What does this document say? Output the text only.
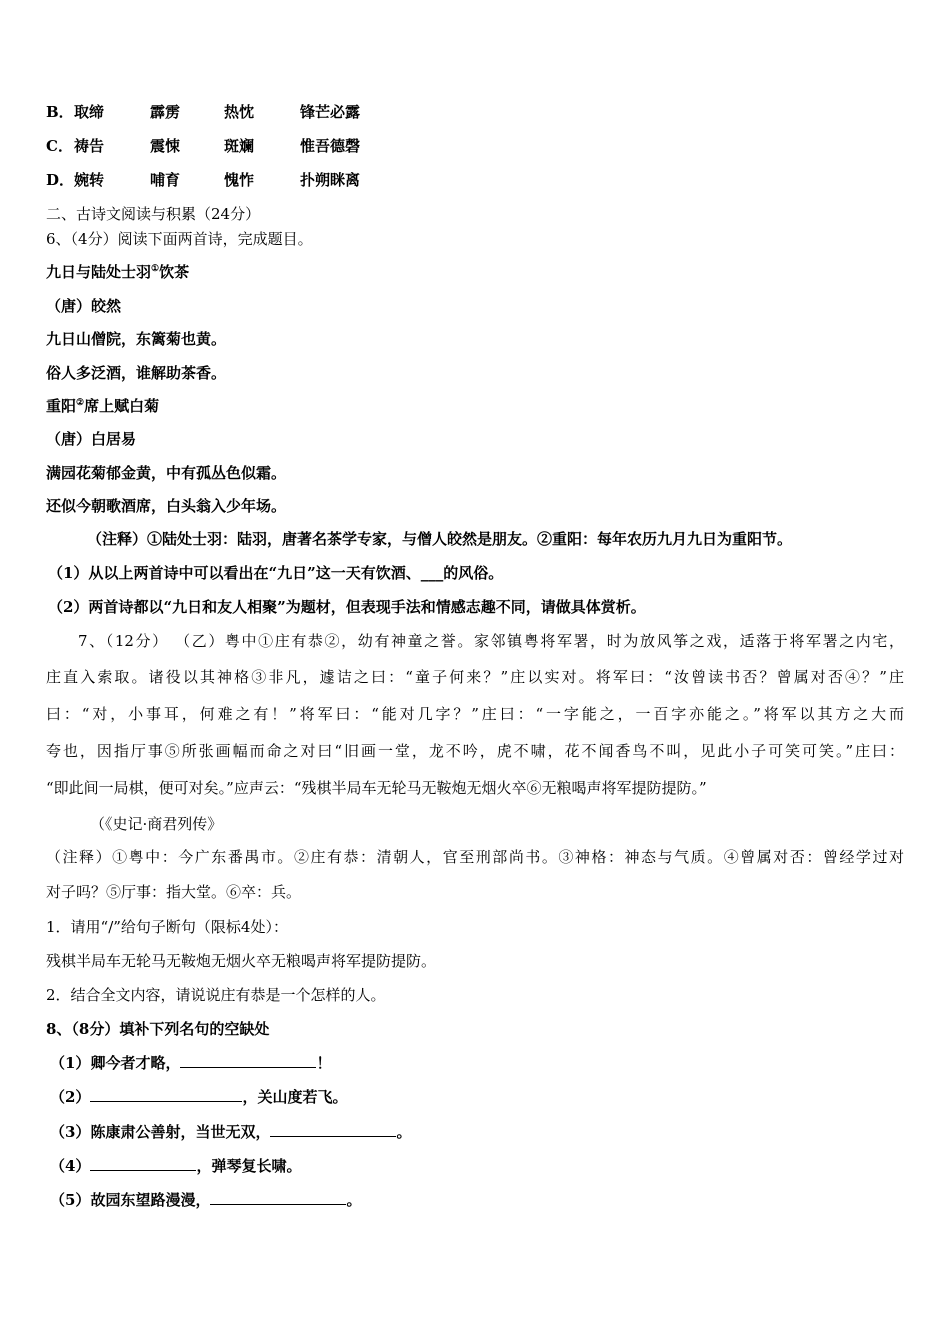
B． 取缔	霹雳	热忱	锋芒必露
C． 祷告	震悚	斑斓	惟吾德磬
D． 婉转	哺育	愧怍	扑朔眯离
二、古诗文阅读与积累（24分）
6、（4分）阅读下面两首诗，完成题目。
九日与陆处士羽①饮茶
（唐）皎然
九日山僧院，东篱菊也黄。
俗人多泛酒，谁解助茶香。
重阳②席上赋白菊
（唐）白居易
满园花菊郁金黄，中有孤丛色似霜。
还似今朝歌酒席，白头翁入少年场。
（注释）①陆处士羽：陆羽，唐著名茶学专家，与僧人皎然是朋友。②重阳：每年农历九月九日为重阳节。
（1）从以上两首诗中可以看出在“九日”这一天有饮酒、___的风俗。
（2）两首诗都以“九日和友人相聚”为题材，但表现手法和情感志趣不同，请做具体赏析。
7、（12分） （乙）粤中①庄有恭②，幼有神童之誉。家邻镇粤将军署，时为放风筝之戏，适落于将军署之内宅，
庄直入索取。诸役以其神格③非凡，遽诘之曰：“童子何来？”庄以实对。将军曰：“汝曾读书否？曾属对否④？”庄
曰：“对，小事耳，何难之有！”将军曰：“能对几字？”庄曰：“一字能之，一百字亦能之。”将军以其方之大而
夸也，因指厅事⑤所张画幅而命之对曰“旧画一堂，龙不吟，虎不啸，花不闻香鸟不叫，见此小子可笑可笑。”庄曰：
“即此间一局棋，便可对矣。”应声云：“残棋半局车无轮马无鞍炮无烟火卒⑥无粮喝声将军提防提防。”
（《史记·商君列传》
（注释）①粤中：今广东番禺市。②庄有恭：清朝人，官至刑部尚书。③神格：神态与气质。④曾属对否：曾经学过对
对子吗？⑤厅事：指大堂。⑥卒：兵。
1．请用“/”给句子断句（限标4处）：
残棋半局车无轮马无鞍炮无烟火卒无粮喝声将军提防提防。
2．结合全文内容，请说说庄有恭是一个怎样的人。
8、（8分）填补下列名句的空缺处
（1）卿今者才略，	！
（2）	，关山度若飞。
（3）陈康肃公善射，当世无双，	。
（4）	，弹琴复长啸。
（5）故园东望路漫漫，	。
